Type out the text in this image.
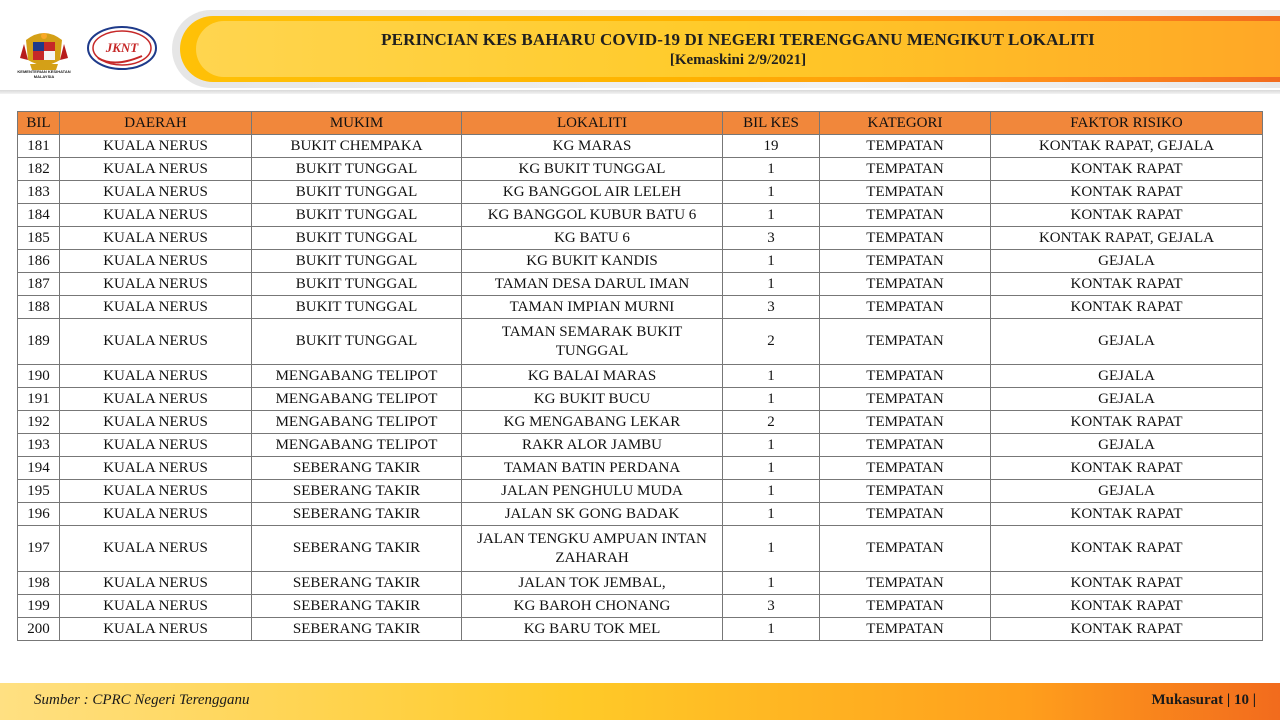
KEMENTERIAN KESIHATAN MALAYSIA
JKNT	PERINCIAN KES BAHARU COVID-19 DI NEGERI TERENGGANU MENGIKUT LOKALITI
[Kemaskini 2/9/2021]
BIL	DAERAH	MUKIM	LOKALITI	BIL KES	KATEGORI	FAKTOR RISIKO
181	KUALA NERUS	BUKIT CHEMPAKA	KG MARAS	19	TEMPATAN	KONTAK RAPAT, GEJALA
182	KUALA NERUS	BUKIT TUNGGAL	KG BUKIT TUNGGAL	1	TEMPATAN	KONTAK RAPAT
183	KUALA NERUS	BUKIT TUNGGAL	KG BANGGOL AIR LELEH	1	TEMPATAN	KONTAK RAPAT
184	KUALA NERUS	BUKIT TUNGGAL	KG BANGGOL KUBUR BATU 6	1	TEMPATAN	KONTAK RAPAT
185	KUALA NERUS	BUKIT TUNGGAL	KG BATU 6	3	TEMPATAN	KONTAK RAPAT, GEJALA
186	KUALA NERUS	BUKIT TUNGGAL	KG BUKIT KANDIS	1	TEMPATAN	GEJALA
187	KUALA NERUS	BUKIT TUNGGAL	TAMAN DESA DARUL IMAN	1	TEMPATAN	KONTAK RAPAT
188	KUALA NERUS	BUKIT TUNGGAL	TAMAN IMPIAN MURNI	3	TEMPATAN	KONTAK RAPAT
189	KUALA NERUS	BUKIT TUNGGAL	TAMAN SEMARAK BUKIT TUNGGAL	2	TEMPATAN	GEJALA
190	KUALA NERUS	MENGABANG TELIPOT	KG BALAI MARAS	1	TEMPATAN	GEJALA
191	KUALA NERUS	MENGABANG TELIPOT	KG BUKIT BUCU	1	TEMPATAN	GEJALA
192	KUALA NERUS	MENGABANG TELIPOT	KG MENGABANG LEKAR	2	TEMPATAN	KONTAK RAPAT
193	KUALA NERUS	MENGABANG TELIPOT	RAKR ALOR JAMBU	1	TEMPATAN	GEJALA
194	KUALA NERUS	SEBERANG TAKIR	TAMAN BATIN PERDANA	1	TEMPATAN	KONTAK RAPAT
195	KUALA NERUS	SEBERANG TAKIR	JALAN PENGHULU MUDA	1	TEMPATAN	GEJALA
196	KUALA NERUS	SEBERANG TAKIR	JALAN SK GONG BADAK	1	TEMPATAN	KONTAK RAPAT
197	KUALA NERUS	SEBERANG TAKIR	JALAN TENGKU AMPUAN INTAN ZAHARAH	1	TEMPATAN	KONTAK RAPAT
198	KUALA NERUS	SEBERANG TAKIR	JALAN TOK JEMBAL,	1	TEMPATAN	KONTAK RAPAT
199	KUALA NERUS	SEBERANG TAKIR	KG BAROH CHONANG	3	TEMPATAN	KONTAK RAPAT
200	KUALA NERUS	SEBERANG TAKIR	KG BARU TOK MEL	1	TEMPATAN	KONTAK RAPAT
Sumber : CPRC Negeri Terengganu	Mukasurat | 10 |
